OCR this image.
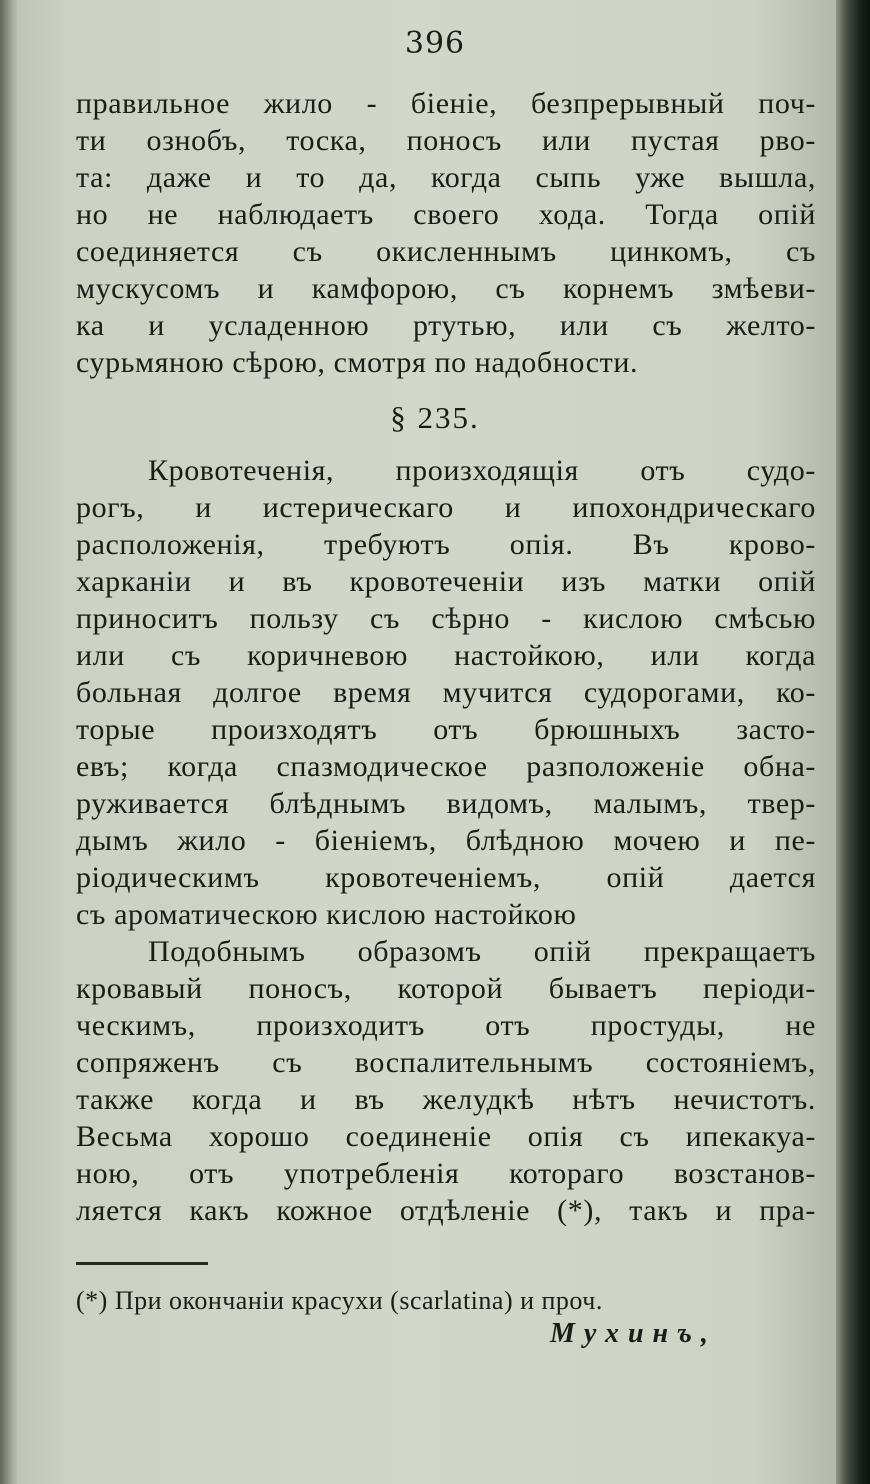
396
правильное жило - біеніе, безпрерывный поч-
ти ознобъ, тоска, поносъ или пустая рво-
та: даже и то да, когда сыпь уже вышла,
но не наблюдаетъ своего хода. Тогда опій
соединяется съ окисленнымъ цинкомъ, съ
мускусомъ и камфорою, съ корнемъ змѣеви-
ка и усладенною ртутью, или съ желто-
сурьмяною сѣрою, смотря по надобности.
§ 235.
Кровотеченія, произходящія отъ судо-
рогъ, и истерическаго и ипохондрическаго
расположенія, требуютъ опія. Въ крово-
харканіи и въ кровотеченіи изъ матки опій
приноситъ пользу съ сѣрно - кислою смѣсью
или съ коричневою настойкою, или когда
больная долгое время мучится судорогами, ко-
торые произходятъ отъ брюшныхъ засто-
евъ; когда спазмодическое разположеніе обна-
руживается блѣднымъ видомъ, малымъ, твер-
дымъ жило - біеніемъ, блѣдною мочею и пе-
ріодическимъ кровотеченіемъ, опій дается
съ ароматическою кислою настойкою
Подобнымъ образомъ опій прекращаетъ
кровавый поносъ, которой бываетъ періоди-
ческимъ, произходитъ отъ простуды, не
сопряженъ съ воспалительнымъ состояніемъ,
также когда и въ желудкѣ нѣтъ нечистотъ.
Весьма хорошо соединеніе опія съ ипекакуа-
ною, отъ употребленія котораго возстанов-
ляется какъ кожное отдѣленіе (*), такъ и пра-
(*) При окончаніи красухи (scarlatina) и проч.
Мухинъ,
